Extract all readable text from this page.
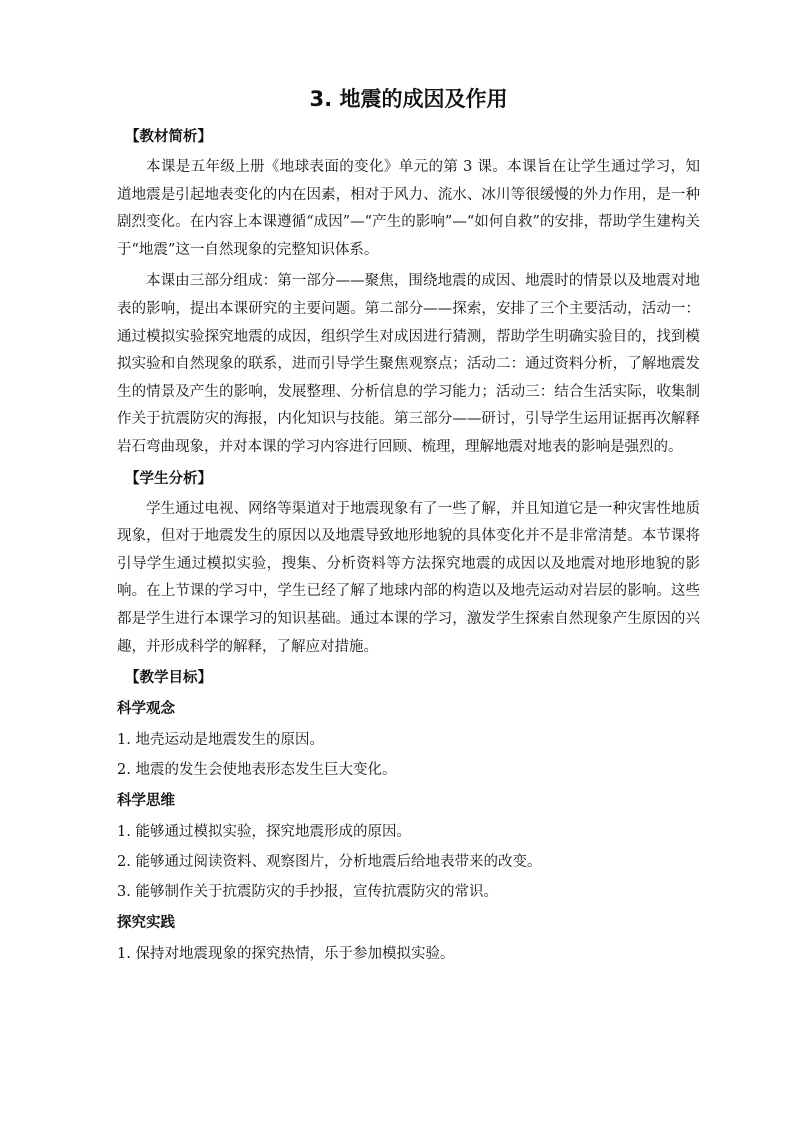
3. 地震的成因及作用
【教材简析】

本课是五年级上册《地球表面的变化》单元的第 3 课。本课旨在让学生通过学习，知道地震是引起地表变化的内在因素，相对于风力、流水、冰川等很缓慢的外力作用，是一种剧烈变化。在内容上本课遵循“成因”—“产生的影响”—“如何自救”的安排，帮助学生建构关于“地震”这一自然现象的完整知识体系。

本课由三部分组成：第一部分——聚焦，围绕地震的成因、地震时的情景以及地震对地表的影响，提出本课研究的主要问题。第二部分——探索，安排了三个主要活动，活动一：通过模拟实验探究地震的成因，组织学生对成因进行猜测，帮助学生明确实验目的，找到模拟实验和自然现象的联系，进而引导学生聚焦观察点；活动二：通过资料分析，了解地震发生的情景及产生的影响，发展整理、分析信息的学习能力；活动三：结合生活实际，收集制作关于抗震防灾的海报，内化知识与技能。第三部分——研讨，引导学生运用证据再次解释岩石弯曲现象，并对本课的学习内容进行回顾、梳理，理解地震对地表的影响是强烈的。

【学生分析】

学生通过电视、网络等渠道对于地震现象有了一些了解，并且知道它是一种灾害性地质现象，但对于地震发生的原因以及地震导致地形地貌的具体变化并不是非常清楚。本节课将引导学生通过模拟实验，搜集、分析资料等方法探究地震的成因以及地震对地形地貌的影响。在上节课的学习中，学生已经了解了地球内部的构造以及地壳运动对岩层的影响。这些都是学生进行本课学习的知识基础。通过本课的学习，激发学生探索自然现象产生原因的兴趣，并形成科学的解释，了解应对措施。

【教学目标】
科学观念

1. 地壳运动是地震发生的原因。

2. 地震的发生会使地表形态发生巨大变化。

科学思维

1. 能够通过模拟实验，探究地震形成的原因。

2. 能够通过阅读资料、观察图片，分析地震后给地表带来的改变。

3. 能够制作关于抗震防灾的手抄报，宣传抗震防灾的常识。

探究实践

1. 保持对地震现象的探究热情，乐于参加模拟实验。
